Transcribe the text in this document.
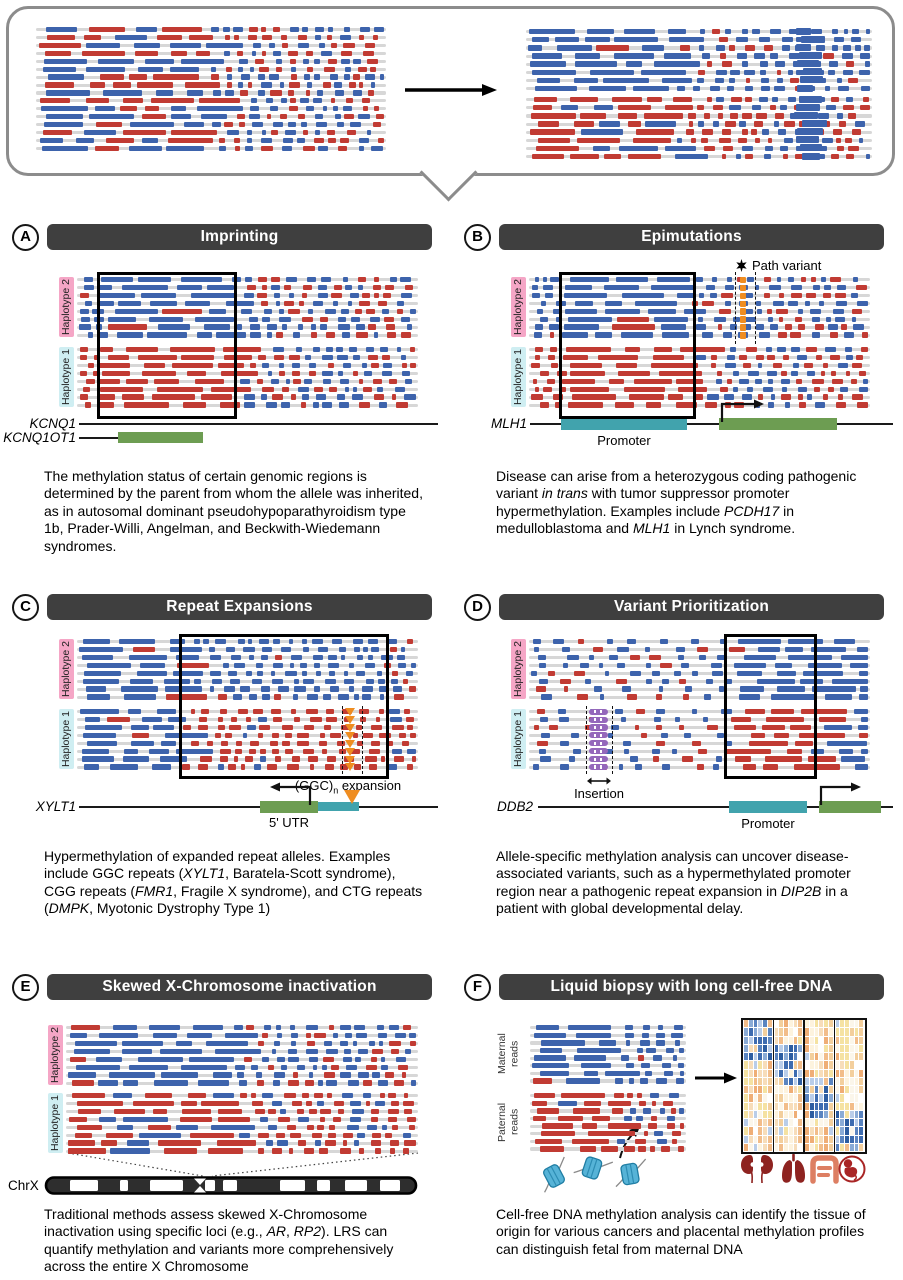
A	Imprinting
Haplotype 2
Haplotype 1
KCNQ1
KCNQ1OT1
The methylation status of certain genomic regions is determined by the parent from whom the allele was inherited, as in autosomal dominant pseudohypoparathyroidism type 1b, Prader-Willi, Angelman, and Beckwith-Wiedemann syndromes.
B	Epimutations
Haplotype 2
Haplotype 1
Path variant
MLH1
Promoter
Disease can arise from a heterozygous coding pathogenic variant in trans with tumor suppressor promoter hypermethylation. Examples include PCDH17 in medulloblastoma and MLH1 in Lynch syndrome.
C	Repeat Expansions
Haplotype 2
Haplotype 1
$(GGC)_n$ expansion
XYLT1
5' UTR
Hypermethylation of expanded repeat alleles. Examples include GGC repeats (XYLT1, Baratela-Scott syndrome), CGG repeats (FMR1, Fragile X syndrome), and CTG repeats (DMPK, Myotonic Dystrophy Type 1)
D	Variant Prioritization
Haplotype 2
Haplotype 1
Insertion
DDB2
Promoter
Allele-specific methylation analysis can uncover disease-associated variants, such as a hypermethylated promoter region near a pathogenic repeat expansion in DIP2B in a patient with global developmental delay.
E	Skewed X-Chromosome inactivation
Haplotype 2
Haplotype 1
ChrX
Traditional methods assess skewed X-Chromosome inactivation using specific loci (e.g., AR, RP2). LRS can quantify methylation and variants more comprehensively across the entire X Chromosome
F	Liquid biopsy with long cell-free DNA
Maternal reads
Paternal reads
Cell-free DNA methylation analysis can identify the tissue of origin for various cancers and placental methylation profiles can distinguish fetal from maternal DNA
